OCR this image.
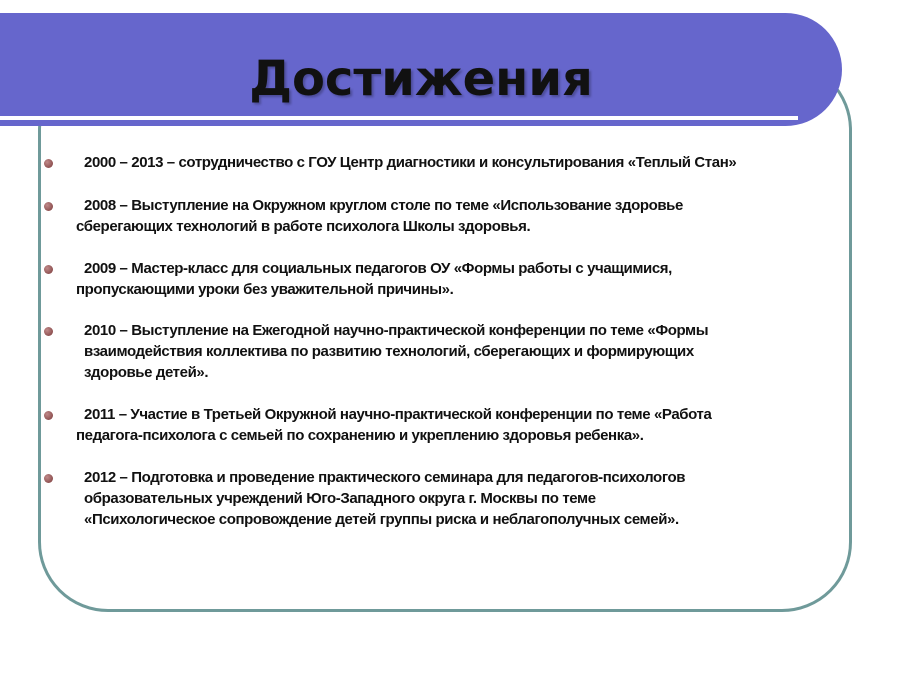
Достижения
2000 – 2013 – сотрудничество с ГОУ Центр диагностики и консультирования «Теплый Стан»
2008 – Выступление на Окружном круглом столе по теме «Использование здоровье
сберегающих технологий в работе психолога Школы здоровья.
2009 – Мастер-класс для социальных педагогов ОУ «Формы работы с учащимися,
пропускающими уроки без уважительной причины».
2010 – Выступление на Ежегодной научно-практической конференции по теме «Формы
взаимодействия коллектива по развитию технологий, сберегающих и формирующих
здоровье детей».
2011 – Участие в Третьей Окружной научно-практической конференции по теме «Работа
педагога-психолога с семьей по сохранению и укреплению здоровья ребенка».
2012 – Подготовка и проведение практического семинара для педагогов-психологов
образовательных учреждений Юго-Западного округа г. Москвы по теме
«Психологическое сопровождение детей группы риска и неблагополучных семей».
